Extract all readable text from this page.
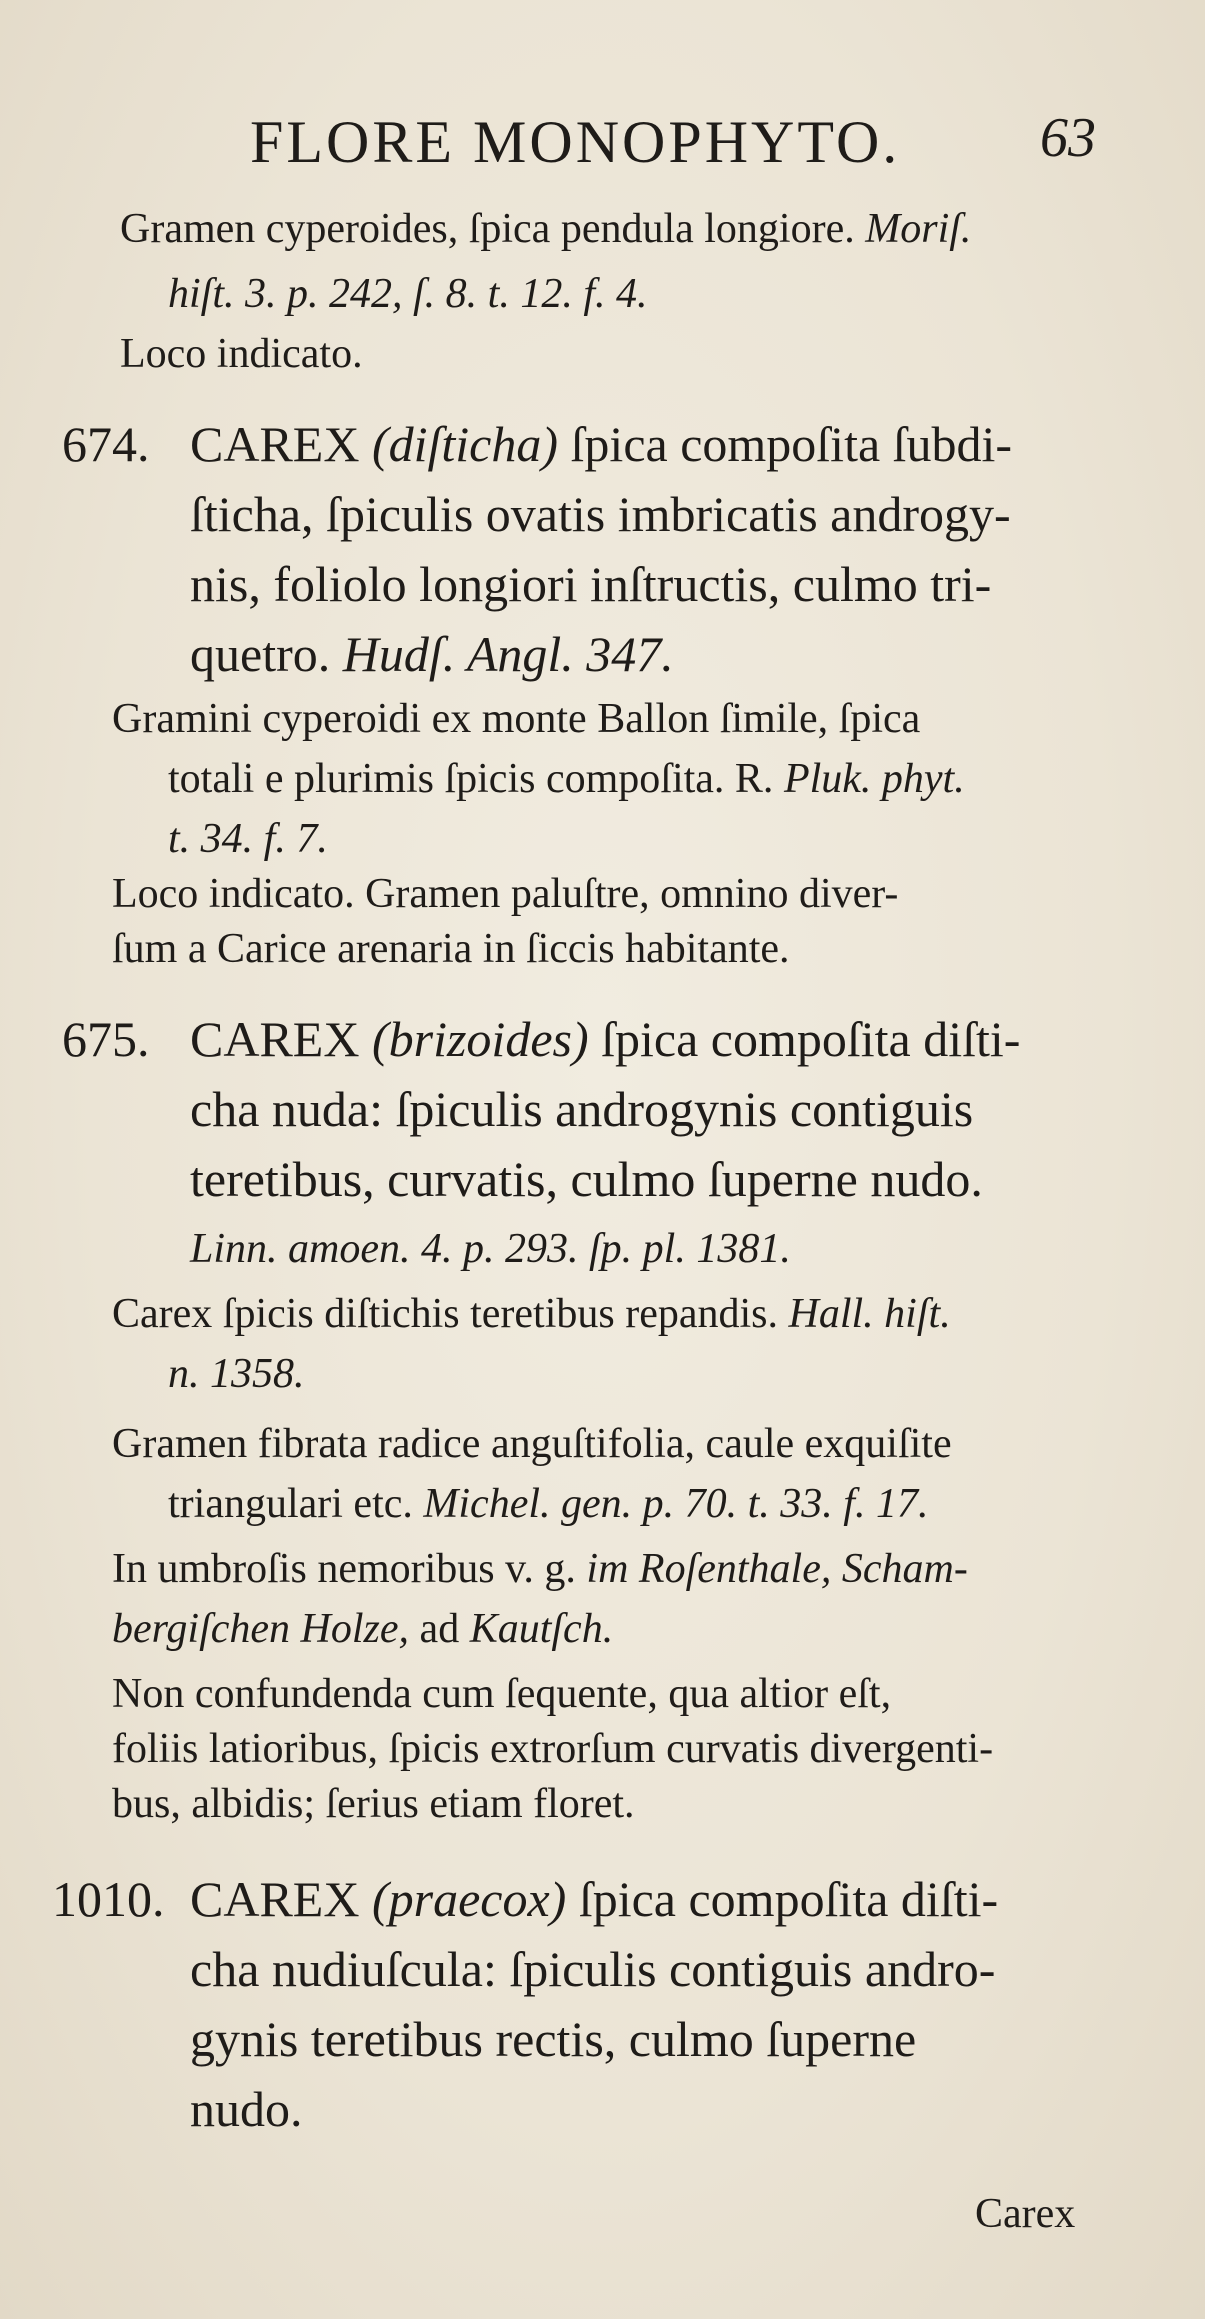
FLORE MONOPHYTO. 63
Gramen cyperoides, ſpica pendula longiore. Moriſ.
hiſt. 3. p. 242, ſ. 8. t. 12. f. 4.
Loco indicato.
674. CAREX (diſticha) ſpica compoſita ſubdi-
ſticha, ſpiculis ovatis imbricatis androgy-
nis, foliolo longiori inſtructis, culmo tri-
quetro. Hudſ. Angl. 347.
Gramini cyperoidi ex monte Ballon ſimile, ſpica
totali e plurimis ſpicis compoſita. R. Pluk. phyt.
t. 34. f. 7.
Loco indicato. Gramen paluſtre, omnino diver-
ſum a Carice arenaria in ſiccis habitante.
675. CAREX (brizoides) ſpica compoſita diſti-
cha nuda: ſpiculis androgynis contiguis
teretibus, curvatis, culmo ſuperne nudo.
Linn. amoen. 4. p. 293. ſp. pl. 1381.
Carex ſpicis diſtichis teretibus repandis. Hall. hiſt.
n. 1358.
Gramen fibrata radice anguſtifolia, caule exquiſite
triangulari etc. Michel. gen. p. 70. t. 33. f. 17.
In umbroſis nemoribus v. g. im Roſenthale, Scham-
bergiſchen Holze, ad Kautſch.
Non confundenda cum ſequente, qua altior eſt,
foliis latioribus, ſpicis extrorſum curvatis divergenti-
bus, albidis; ſerius etiam floret.
1010. CAREX (praecox) ſpica compoſita diſti-
cha nudiuſcula: ſpiculis contiguis andro-
gynis teretibus rectis, culmo ſuperne
nudo.
Carex
